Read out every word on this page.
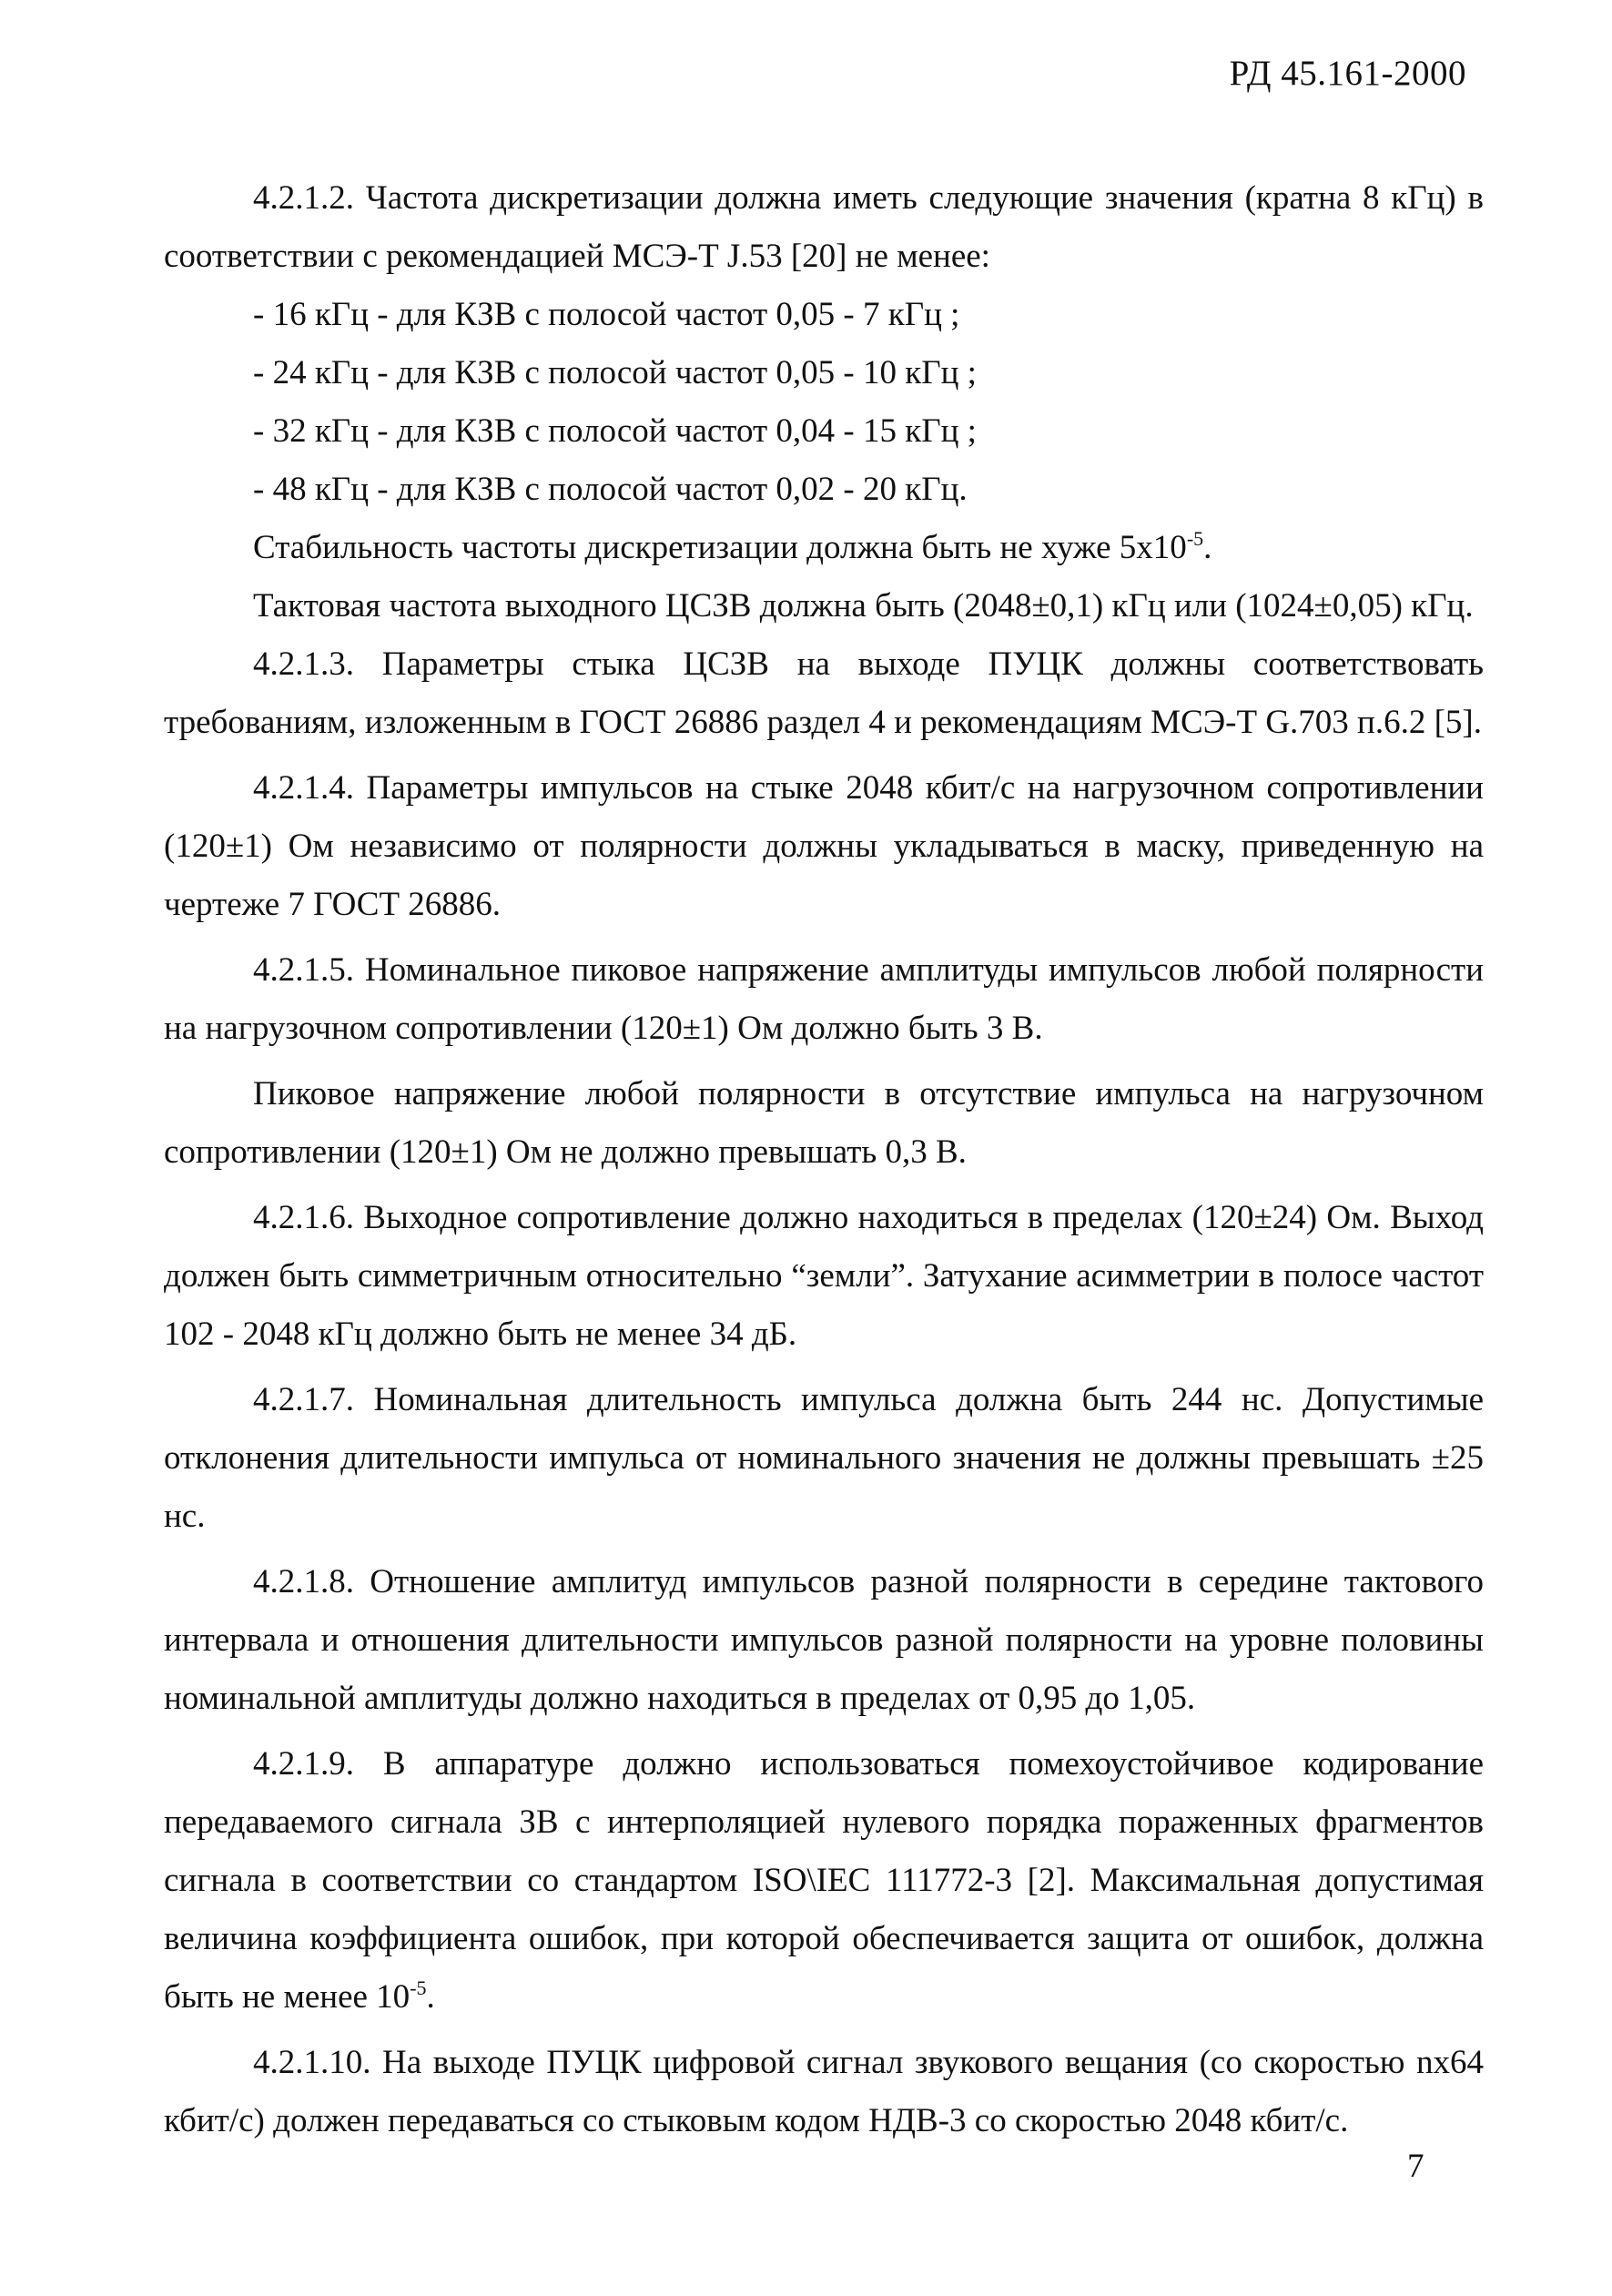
РД 45.161-2000

4.2.1.2. Частота дискретизации должна иметь следующие значения (кратна 8 кГц) в соответствии с рекомендацией МСЭ-Т J.53 [20] не менее:

- 16 кГц - для КЗВ с полосой частот 0,05 - 7 кГц ;
- 24 кГц - для КЗВ с полосой частот 0,05 - 10 кГц ;
- 32 кГц - для КЗВ с полосой частот 0,04 - 15 кГц ;
- 48 кГц - для КЗВ с полосой частот 0,02 - 20 кГц.

Стабильность частоты дискретизации должна быть не хуже $5х10^{-5}$.

Тактовая частота выходного ЦСЗВ должна быть (2048±0,1) кГц или (1024±0,05) кГц.

4.2.1.3. Параметры стыка ЦСЗВ на выходе ПУЦК должны соответствовать требованиям, изложенным в ГОСТ 26886 раздел 4 и рекомендациям МСЭ-Т G.703 п.6.2 [5].

4.2.1.4. Параметры импульсов на стыке 2048 кбит/с на нагрузочном сопротивлении (120±1) Ом независимо от полярности должны укладываться в маску, приведенную на чертеже 7 ГОСТ 26886.

4.2.1.5. Номинальное пиковое напряжение амплитуды импульсов любой полярности на нагрузочном сопротивлении (120±1) Ом должно быть 3 В.

Пиковое напряжение любой полярности в отсутствие импульса на нагрузочном сопротивлении (120±1) Ом не должно превышать 0,3 В.

4.2.1.6. Выходное сопротивление должно находиться в пределах (120±24) Ом. Выход должен быть симметричным относительно “земли”. Затухание асимметрии в полосе частот 102 - 2048 кГц должно быть не менее 34 дБ.

4.2.1.7. Номинальная длительность импульса должна быть 244 нс. Допустимые отклонения длительности импульса от номинального значения не должны превышать ±25 нс.

4.2.1.8. Отношение амплитуд импульсов разной полярности в середине тактового интервала и отношения длительности импульсов разной полярности на уровне половины номинальной амплитуды должно находиться в пределах от 0,95 до 1,05.

4.2.1.9. В аппаратуре должно использоваться помехоустойчивое кодирование передаваемого сигнала ЗВ с интерполяцией нулевого порядка пораженных фрагментов сигнала в соответствии со стандартом ISO\IEC 111772-3 [2]. Максимальная допустимая величина коэффициента ошибок, при которой обеспечивается защита от ошибок, должна быть не менее $10^{-5}$.

4.2.1.10. На выходе ПУЦК цифровой сигнал звукового вещания (со скоростью nх64 кбит/с) должен передаваться со стыковым кодом НДВ-3 со скоростью 2048 кбит/с.

7
